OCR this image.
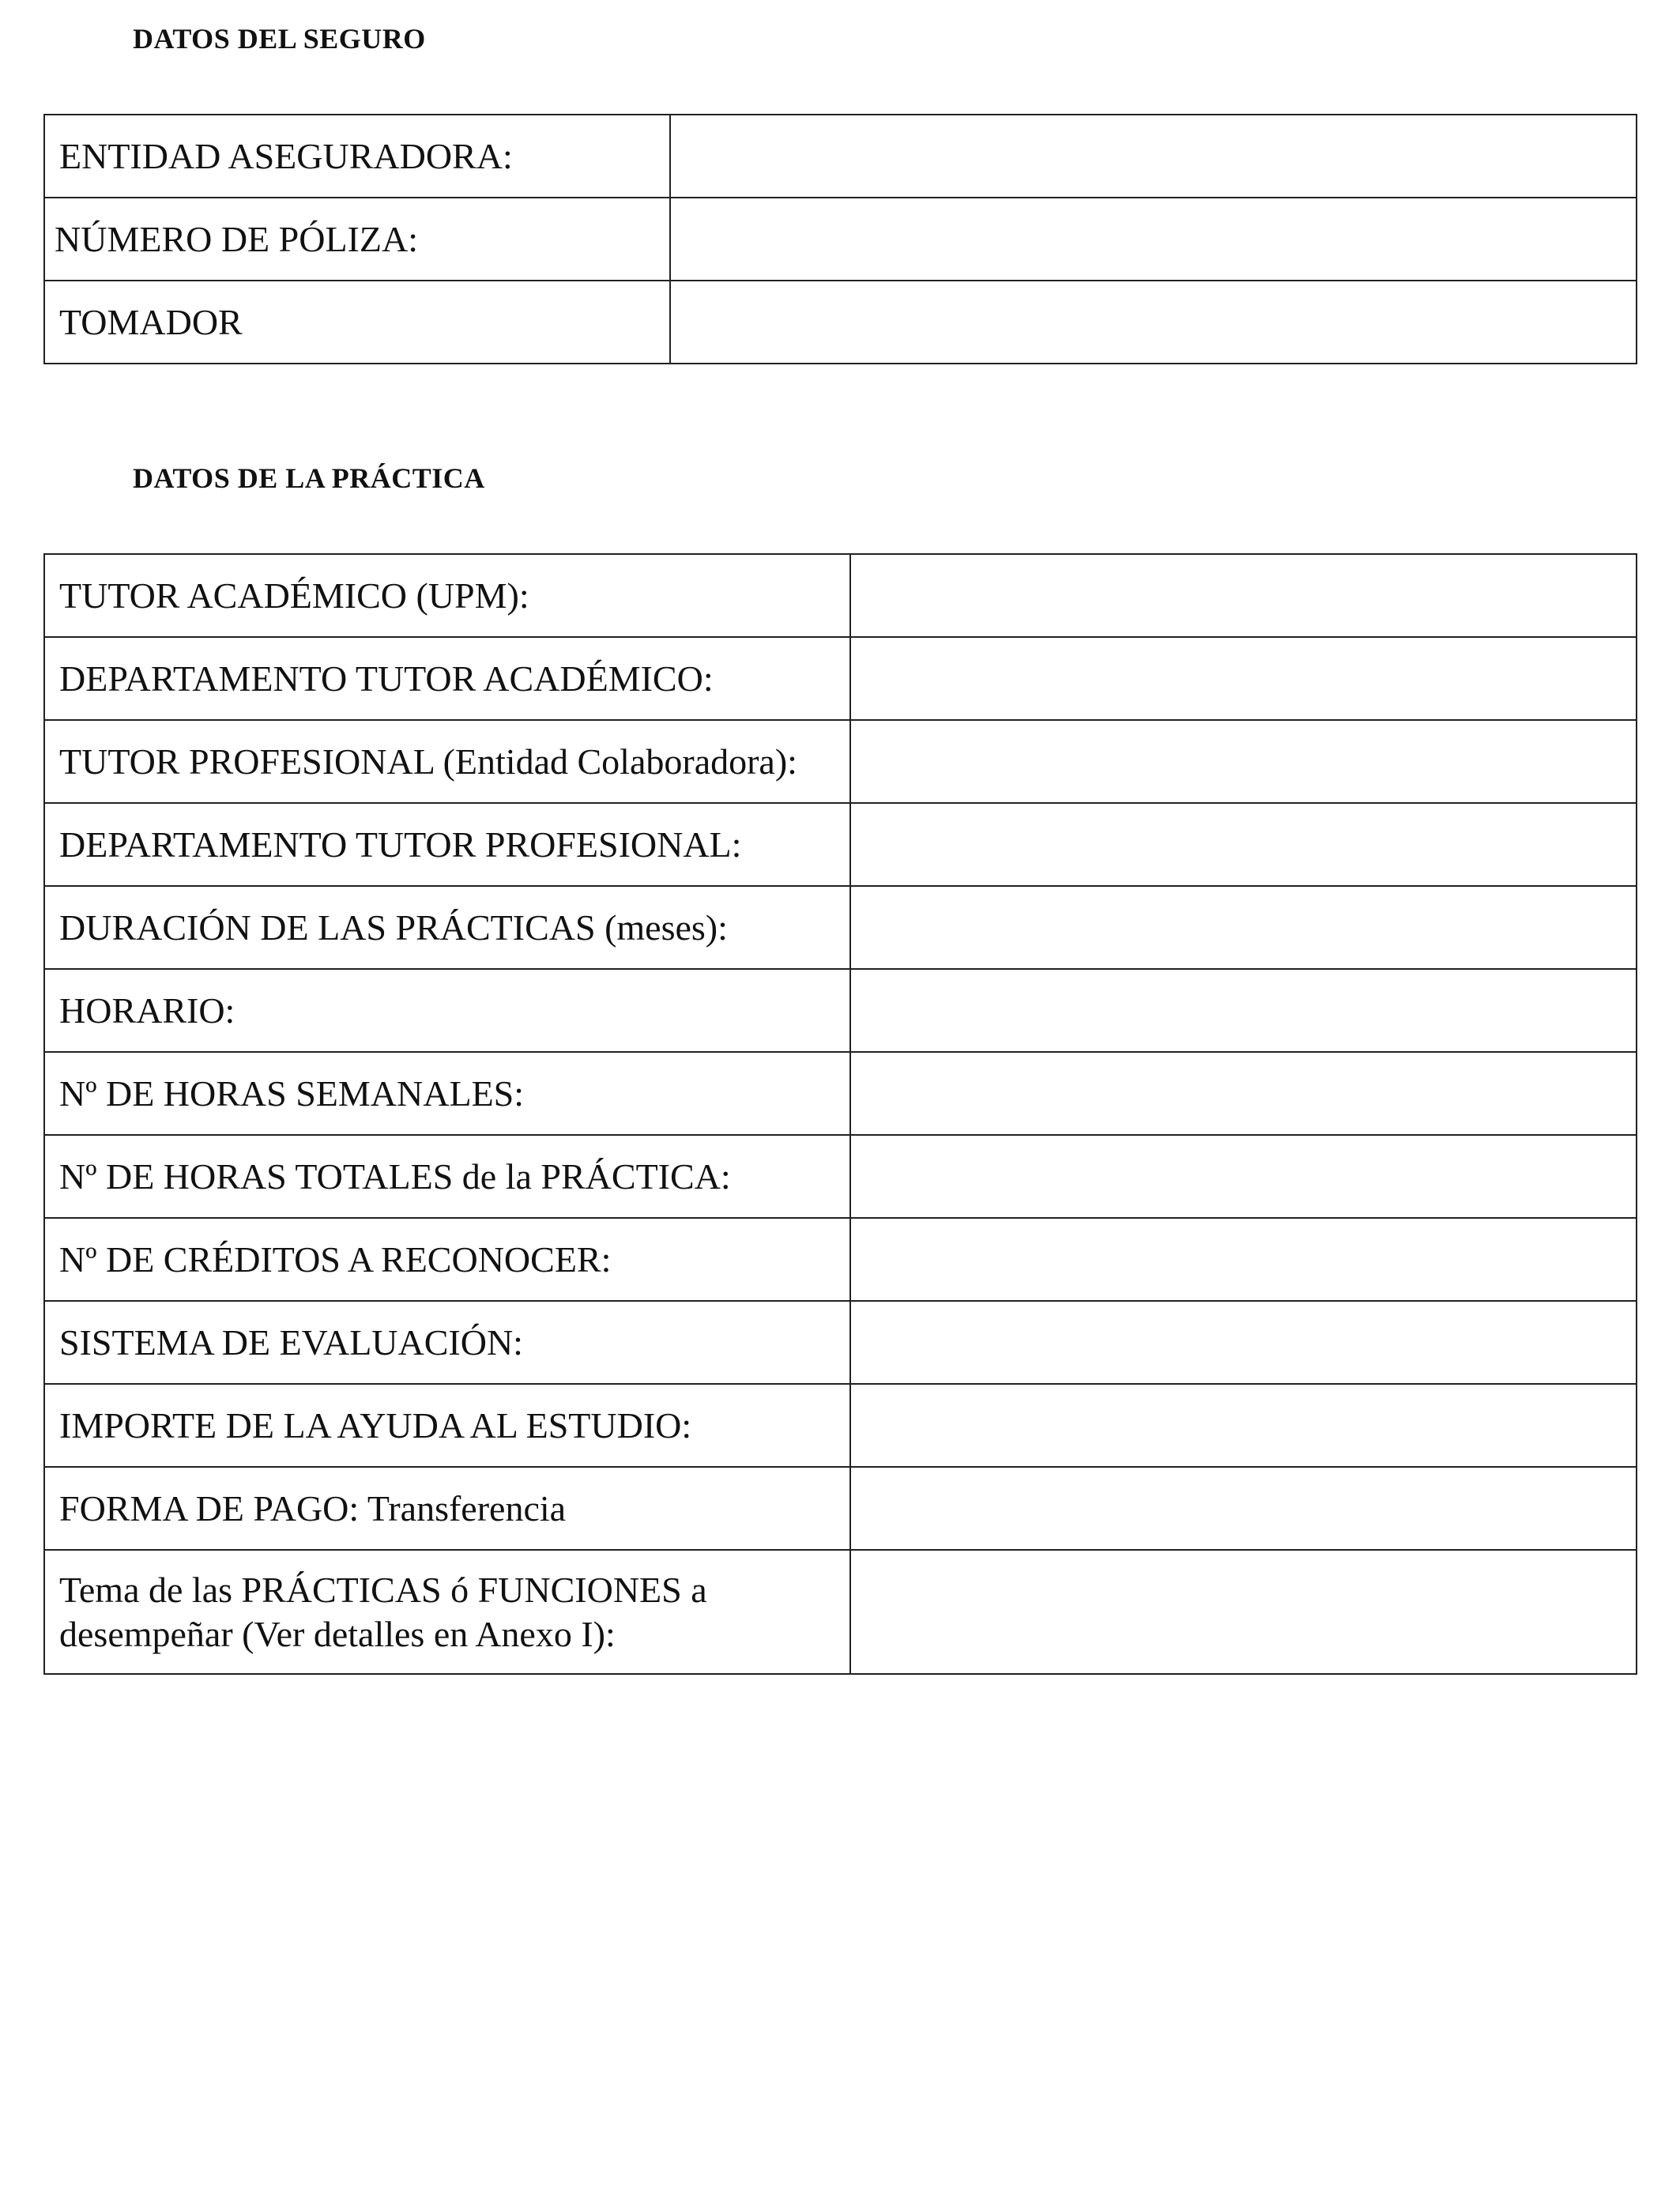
DATOS DEL SEGURO
ENTIDAD ASEGURADORA:	
NÚMERO DE PÓLIZA:	
TOMADOR	
DATOS DE LA PRÁCTICA
TUTOR ACADÉMICO (UPM):	
DEPARTAMENTO TUTOR ACADÉMICO:	
TUTOR PROFESIONAL (Entidad Colaboradora):	
DEPARTAMENTO TUTOR PROFESIONAL:	
DURACIÓN DE LAS PRÁCTICAS (meses):	
HORARIO:	
Nº DE HORAS SEMANALES:	
Nº DE HORAS TOTALES de la PRÁCTICA:	
Nº DE CRÉDITOS A RECONOCER:	
SISTEMA DE EVALUACIÓN:	
IMPORTE DE LA AYUDA AL ESTUDIO:	
FORMA DE PAGO: Transferencia	
Tema de las PRÁCTICAS ó FUNCIONES a desempeñar (Ver detalles en Anexo I):	
